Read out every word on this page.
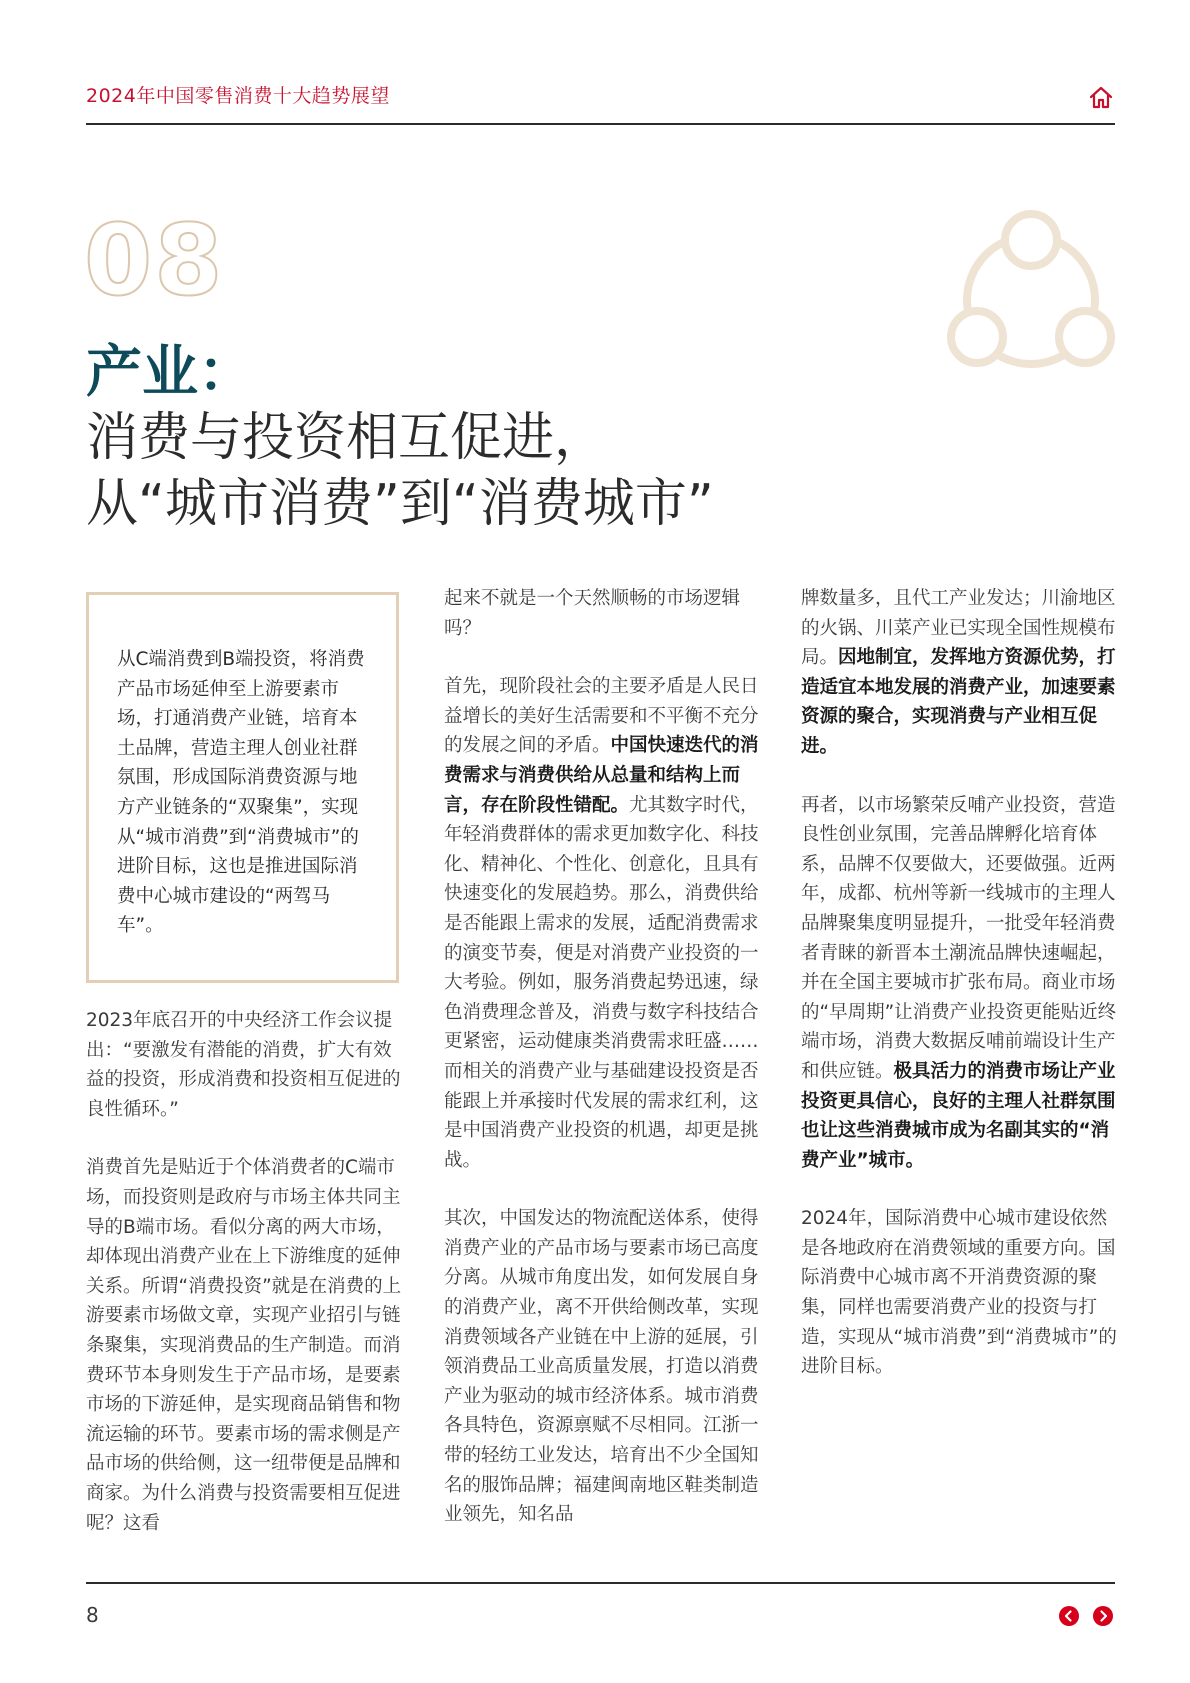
2024年中国零售消费十大趋势展望
08
产业：
消费与投资相互促进，
从“城市消费”到“消费城市”
从C端消费到B端投资，将消费产品市场延伸至上游要素市场，打通消费产业链，培育本土品牌，营造主理人创业社群氛围，形成国际消费资源与地方产业链条的“双聚集”，实现从“城市消费”到“消费城市”的进阶目标，这也是推进国际消费中心城市建设的“两驾马车”。

2023年底召开的中央经济工作会议提出：“要激发有潜能的消费，扩大有效益的投资，形成消费和投资相互促进的良性循环。”

消费首先是贴近于个体消费者的C端市场，而投资则是政府与市场主体共同主导的B端市场。看似分离的两大市场，却体现出消费产业在上下游维度的延伸关系。所谓“消费投资”就是在消费的上游要素市场做文章，实现产业招引与链条聚集，实现消费品的生产制造。而消费环节本身则发生于产品市场，是要素市场的下游延伸，是实现商品销售和物流运输的环节。要素市场的需求侧是产品市场的供给侧，这一纽带便是品牌和商家。为什么消费与投资需要相互促进呢？这看

起来不就是一个天然顺畅的市场逻辑吗？

首先，现阶段社会的主要矛盾是人民日益增长的美好生活需要和不平衡不充分的发展之间的矛盾。中国快速迭代的消费需求与消费供给从总量和结构上而言，存在阶段性错配。尤其数字时代，年轻消费群体的需求更加数字化、科技化、精神化、个性化、创意化，且具有快速变化的发展趋势。那么，消费供给是否能跟上需求的发展，适配消费需求的演变节奏，便是对消费产业投资的一大考验。例如，服务消费起势迅速，绿色消费理念普及，消费与数字科技结合更紧密，运动健康类消费需求旺盛……而相关的消费产业与基础建设投资是否能跟上并承接时代发展的需求红利，这是中国消费产业投资的机遇，却更是挑战。

其次，中国发达的物流配送体系，使得消费产业的产品市场与要素市场已高度分离。从城市角度出发，如何发展自身的消费产业，离不开供给侧改革，实现消费领域各产业链在中上游的延展，引领消费品工业高质量发展，打造以消费产业为驱动的城市经济体系。城市消费各具特色，资源禀赋不尽相同。江浙一带的轻纺工业发达，培育出不少全国知名的服饰品牌；福建闽南地区鞋类制造业领先，知名品

牌数量多，且代工产业发达；川渝地区的火锅、川菜产业已实现全国性规模布局。因地制宜，发挥地方资源优势，打造适宜本地发展的消费产业，加速要素资源的聚合，实现消费与产业相互促进。

再者，以市场繁荣反哺产业投资，营造良性创业氛围，完善品牌孵化培育体系，品牌不仅要做大，还要做强。近两年，成都、杭州等新一线城市的主理人品牌聚集度明显提升，一批受年轻消费者青睐的新晋本土潮流品牌快速崛起，并在全国主要城市扩张布局。商业市场的“早周期”让消费产业投资更能贴近终端市场，消费大数据反哺前端设计生产和供应链。极具活力的消费市场让产业投资更具信心，良好的主理人社群氛围也让这些消费城市成为名副其实的“消费产业”城市。

2024年，国际消费中心城市建设依然是各地政府在消费领域的重要方向。国际消费中心城市离不开消费资源的聚集，同样也需要消费产业的投资与打造，实现从“城市消费”到“消费城市”的进阶目标。

8
